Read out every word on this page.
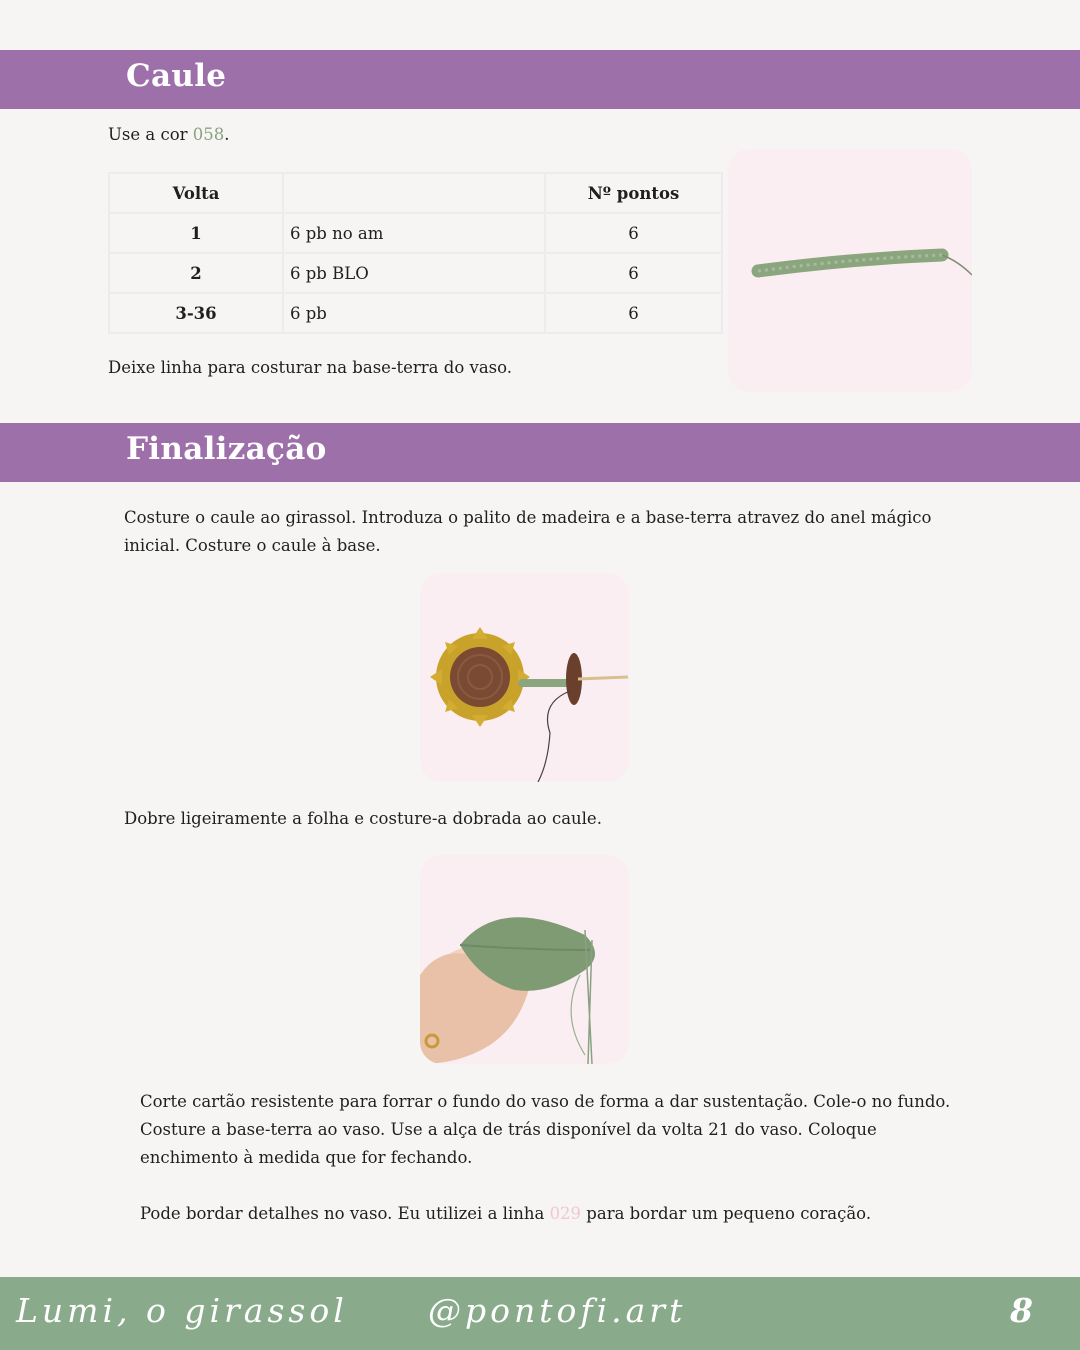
Caule
Use a cor 058.
Volta		Nº pontos
1	6 pb no am	6
2	6 pb BLO	6
3-36	6 pb	6
Deixe linha para costurar na base-terra do vaso.
Finalização
Costure o caule ao girassol. Introduza o palito de madeira e a base-terra atravez do anel mágico inicial. Costure o caule à base.
Dobre ligeiramente a folha e costure-a dobrada ao caule.
Corte cartão resistente para forrar o fundo do vaso de forma a dar sustentação. Cole-o no fundo. Costure a base-terra ao vaso. Use a alça de trás disponível da volta 21 do vaso. Coloque enchimento à medida que for fechando.
Pode bordar detalhes no vaso. Eu utilizei a linha 029 para bordar um pequeno coração.
Lumi, o girassol @pontofi.art	8
